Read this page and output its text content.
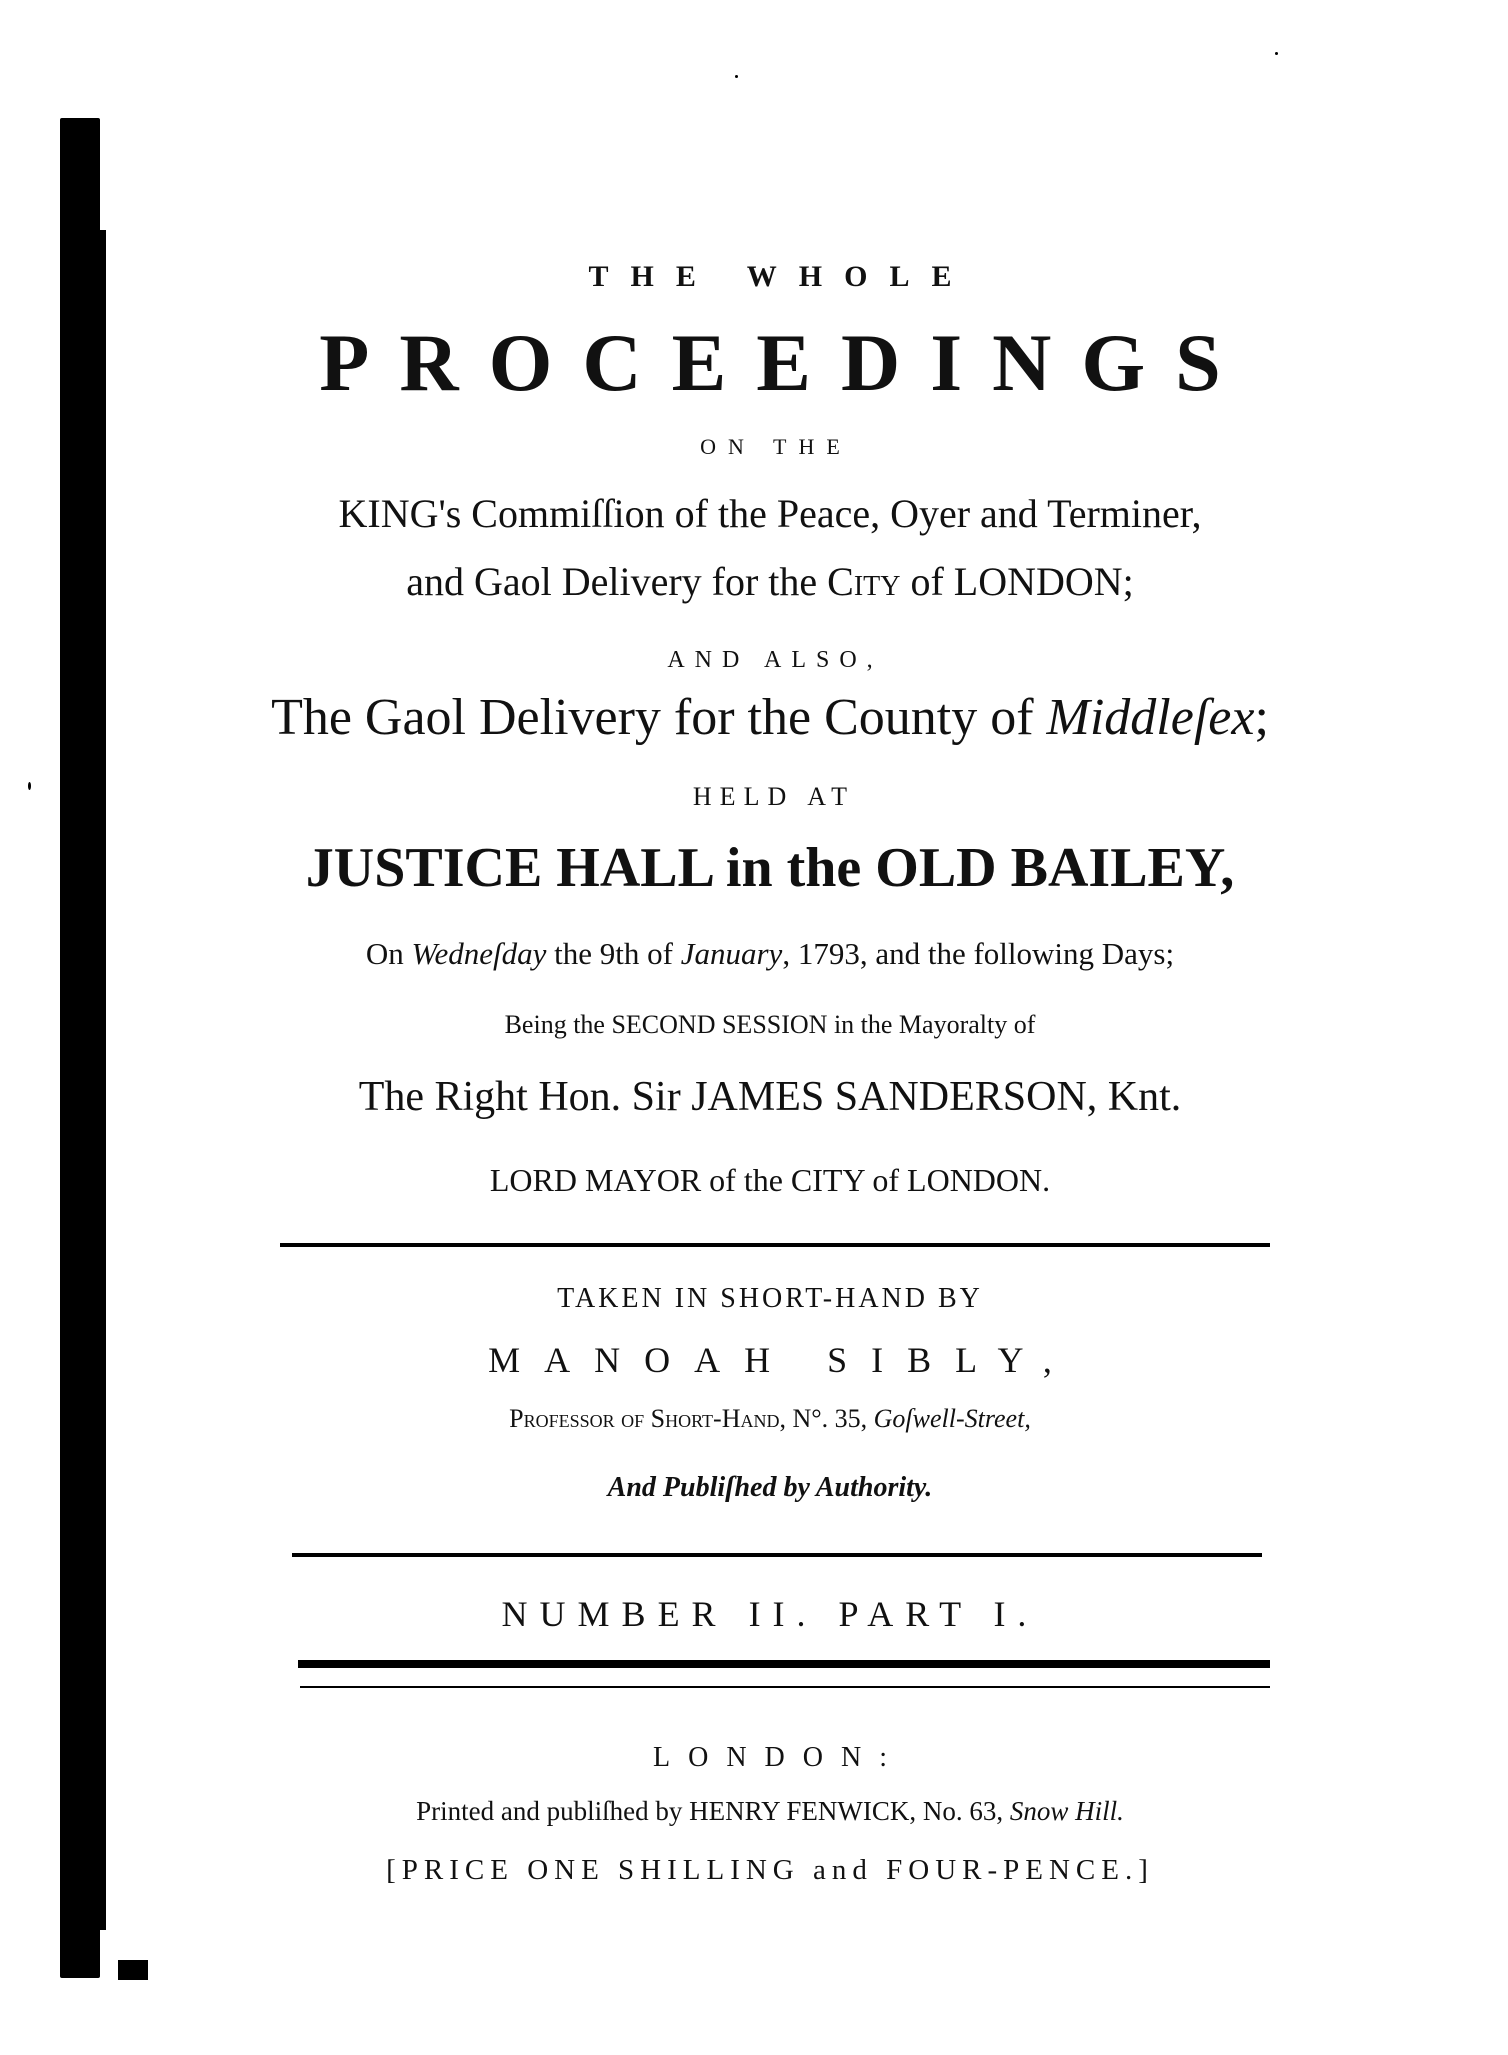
THE WHOLE
PROCEEDINGS
ON THE
KING's Commiſſion of the Peace, Oyer and Terminer,
and Gaol Delivery for the City of LONDON;
AND ALSO,
The Gaol Delivery for the County of Middleſex;
HELD AT
JUSTICE HALL in the OLD BAILEY,
On Wedneſday the 9th of January, 1793, and the following Days;
Being the SECOND SESSION in the Mayoralty of
The Right Hon. Sir JAMES SANDERSON, Knt.
LORD MAYOR of the CITY of LONDON.
TAKEN IN SHORT-HAND BY
MANOAH SIBLY,
Professor of Short-Hand, N°. 35, Goſwell-Street,
And Publiſhed by Authority.
NUMBER II. PART I.
LONDON:
Printed and publiſhed by HENRY FENWICK, No. 63, Snow Hill.
[PRICE ONE SHILLING and FOUR-PENCE.]
